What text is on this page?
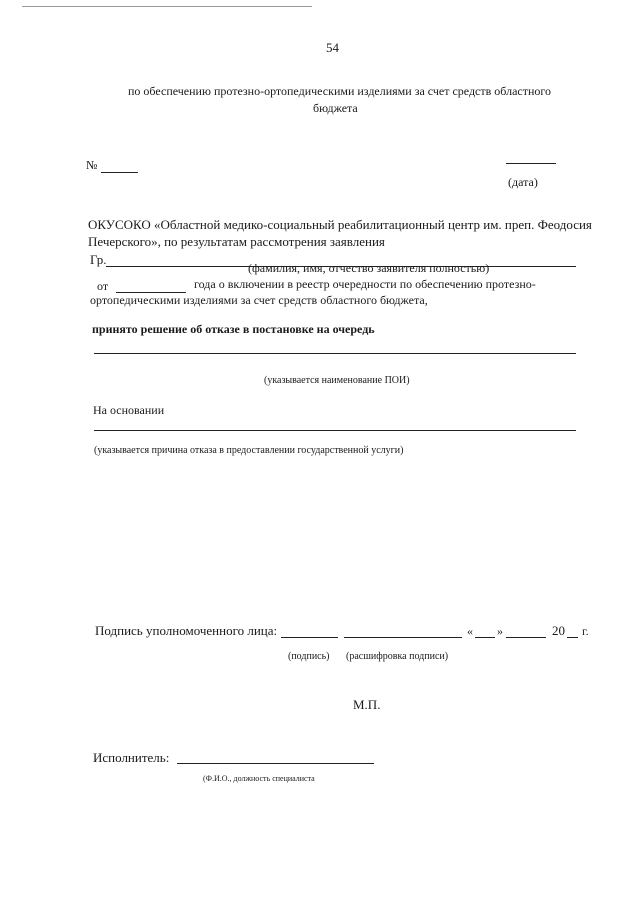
54
по обеспечению протезно-ортопедическими изделиями за счет средств областного
бюджета
№
(дата)
ОКУСОКО «Областной медико-социальный реабилитационный центр им. преп. Феодосия
Печерского», по результатам рассмотрения заявления
Гр.
(фамилия, имя, отчество заявителя полностью)
от	года о включении в реестр очередности по обеспечению протезно-
ортопедическими изделиями за счет средств областного бюджета,
принято решение об отказе в постановке на очередь
(указывается наименование ПОИ)
На основании
(указывается причина отказа в предоставлении государственной услуги)
Подпись уполномоченного лица:	« »	20 г.
(подпись) (расшифровка подписи)
М.П.
Исполнитель:
(Ф.И.О., должность специалиста
